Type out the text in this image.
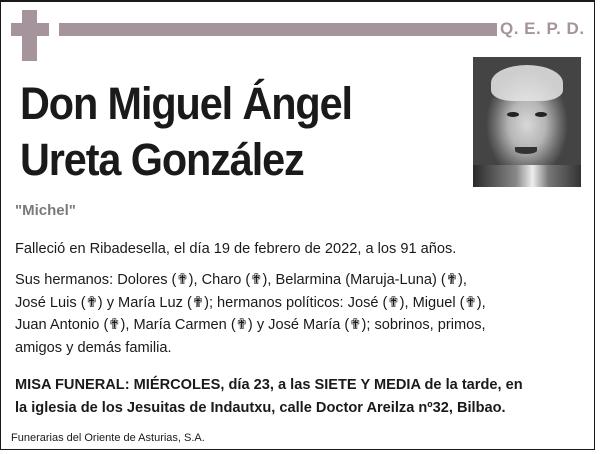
Q. E. P. D.
Don Miguel Ángel
Ureta González
"Michel"
Falleció en Ribadesella, el día 19 de febrero de 2022, a los 91 años.
Sus hermanos: Dolores (✟), Charo (✟), Belarmina (Maruja-Luna) (✟),
José Luis (✟) y María Luz (✟); hermanos políticos: José (✟), Miguel (✟),
Juan Antonio (✟), María Carmen (✟) y José María (✟); sobrinos, primos,
amigos y demás familia.
MISA FUNERAL: MIÉRCOLES, día 23, a las SIETE Y MEDIA de la tarde, en
la iglesia de los Jesuitas de Indautxu, calle Doctor Areilza nº32, Bilbao.
Funerarias del Oriente de Asturias, S.A.
